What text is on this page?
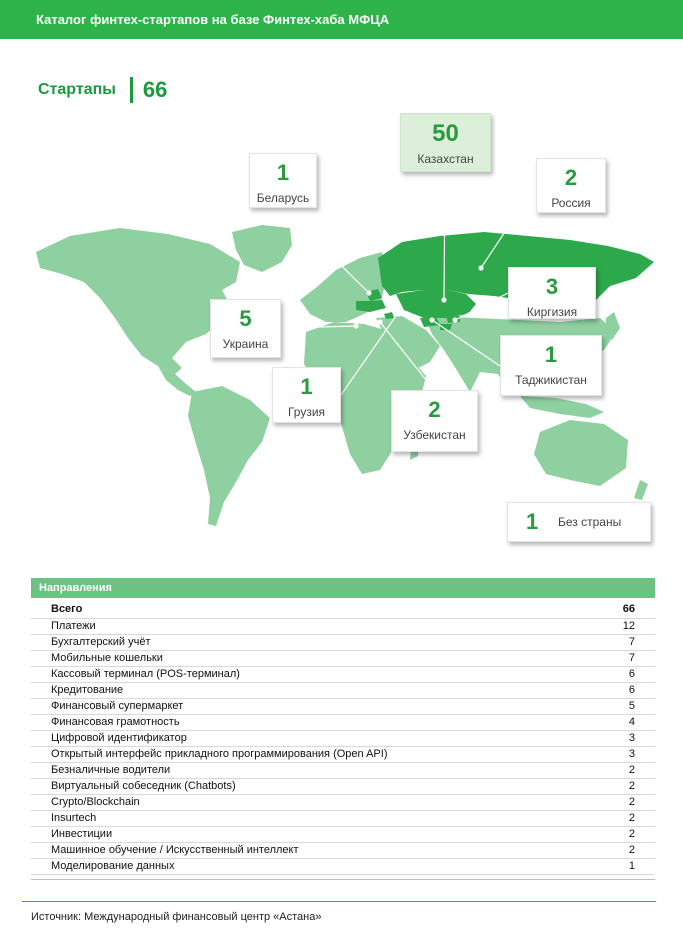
Каталог финтех-стартапов на базе Финтех-хаба МФЦА
Стартапы 66
50
Казахстан
1
Беларусь
2
Россия
3
Киргизия
5
Украина	1
Таджикистан
1
Грузия	2
Узбекистан
1	Без страны
Направления
Всего	66
Платежи	12
Бухгалтерский учёт	7
Мобильные кошельки	7
Кассовый терминал (POS-терминал)	6
Кредитование	6
Финансовый супермаркет	5
Финансовая грамотность	4
Цифровой идентификатор	3
Открытый интерфейс прикладного программирования (Open API)	3
Безналичные водители	2
Виртуальный собеседник (Chatbots)	2
Crypto/Blockchain	2
Insurtech	2
Инвестиции	2
Машинное обучение / Искусственный интеллект	2
Моделирование данных	1
Источник: Международный финансовый центр «Астана»
